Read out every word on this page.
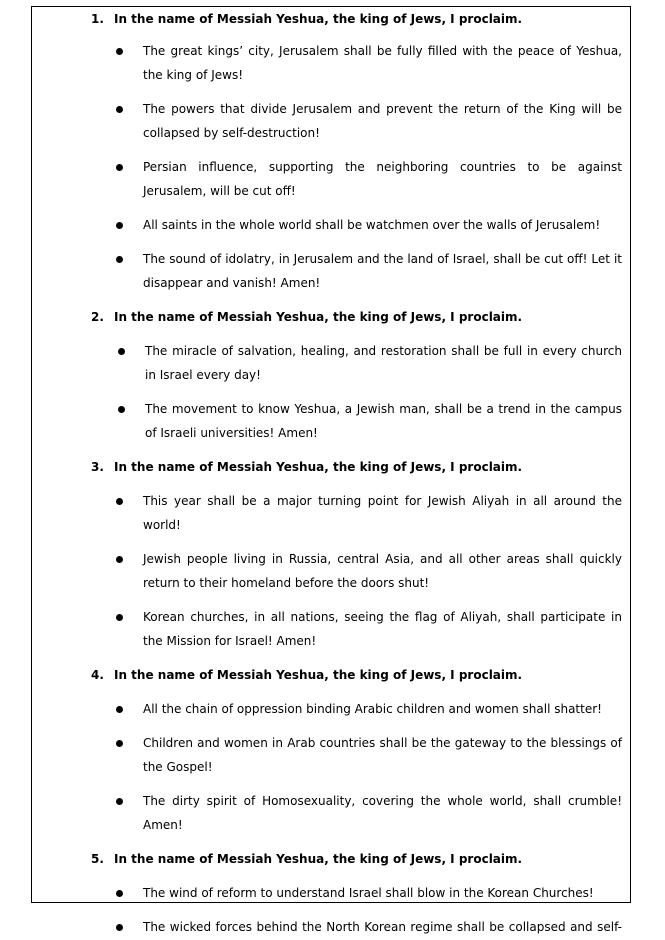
1. In the name of Messiah Yeshua, the king of Jews, I proclaim.
The great kings’ city, Jerusalem shall be fully filled with the peace of Yeshua, the king of Jews!
The powers that divide Jerusalem and prevent the return of the King will be collapsed by self-destruction!
Persian influence, supporting the neighboring countries to be against Jerusalem, will be cut off!
All saints in the whole world shall be watchmen over the walls of Jerusalem!
The sound of idolatry, in Jerusalem and the land of Israel, shall be cut off! Let it disappear and vanish! Amen!
2. In the name of Messiah Yeshua, the king of Jews, I proclaim.
The miracle of salvation, healing, and restoration shall be full in every church in Israel every day!
The movement to know Yeshua, a Jewish man, shall be a trend in the campus of Israeli universities! Amen!
3. In the name of Messiah Yeshua, the king of Jews, I proclaim.
This year shall be a major turning point for Jewish Aliyah in all around the world!
Jewish people living in Russia, central Asia, and all other areas shall quickly return to their homeland before the doors shut!
Korean churches, in all nations, seeing the flag of Aliyah, shall participate in the Mission for Israel! Amen!
4. In the name of Messiah Yeshua, the king of Jews, I proclaim.
All the chain of oppression binding Arabic children and women shall shatter!
Children and women in Arab countries shall be the gateway to the blessings of the Gospel!
The dirty spirit of Homosexuality, covering the whole world, shall crumble! Amen!
5. In the name of Messiah Yeshua, the king of Jews, I proclaim.
The wind of reform to understand Israel shall blow in the Korean Churches!
The wicked forces behind the North Korean regime shall be collapsed and self-
